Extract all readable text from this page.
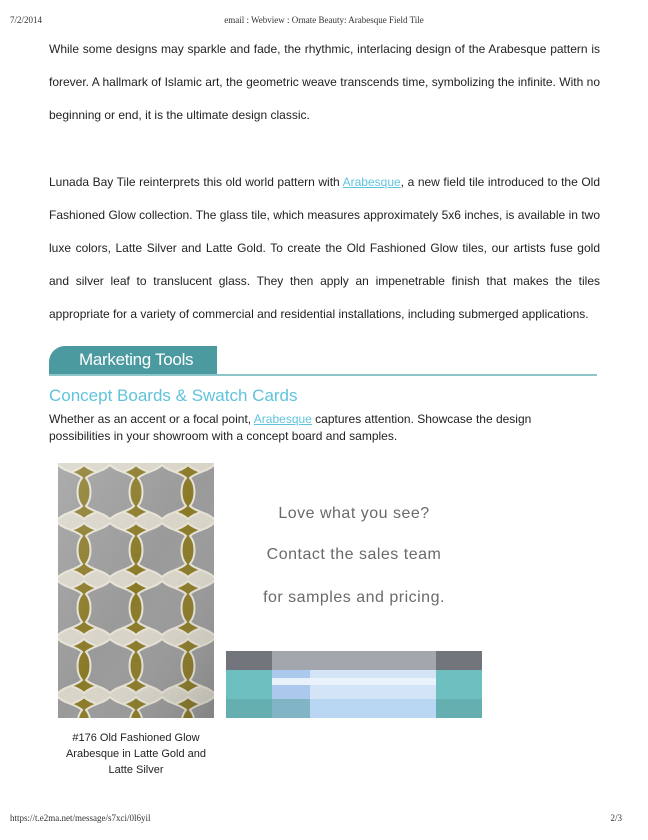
7/2/2014	email : Webview : Ornate Beauty: Arabesque Field Tile
While some designs may sparkle and fade, the rhythmic, interlacing design of the Arabesque pattern is forever. A hallmark of Islamic art, the geometric weave transcends time, symbolizing the infinite. With no beginning or end, it is the ultimate design classic.
Lunada Bay Tile reinterprets this old world pattern with Arabesque, a new field tile introduced to the Old Fashioned Glow collection. The glass tile, which measures approximately 5x6 inches, is available in two luxe colors, Latte Silver and Latte Gold. To create the Old Fashioned Glow tiles, our artists fuse gold and silver leaf to translucent glass. They then apply an impenetrable finish that makes the tiles appropriate for a variety of commercial and residential installations, including submerged applications.
Marketing Tools
Concept Boards & Swatch Cards
Whether as an accent or a focal point, Arabesque captures attention. Showcase the design possibilities in your showroom with a concept board and samples.
#176 Old Fashioned Glow
Arabesque in Latte Gold and
Latte Silver
Love what you see?
Contact the sales team
for samples and pricing.
https://t.e2ma.net/message/s7xci/0l6yil	2/3
